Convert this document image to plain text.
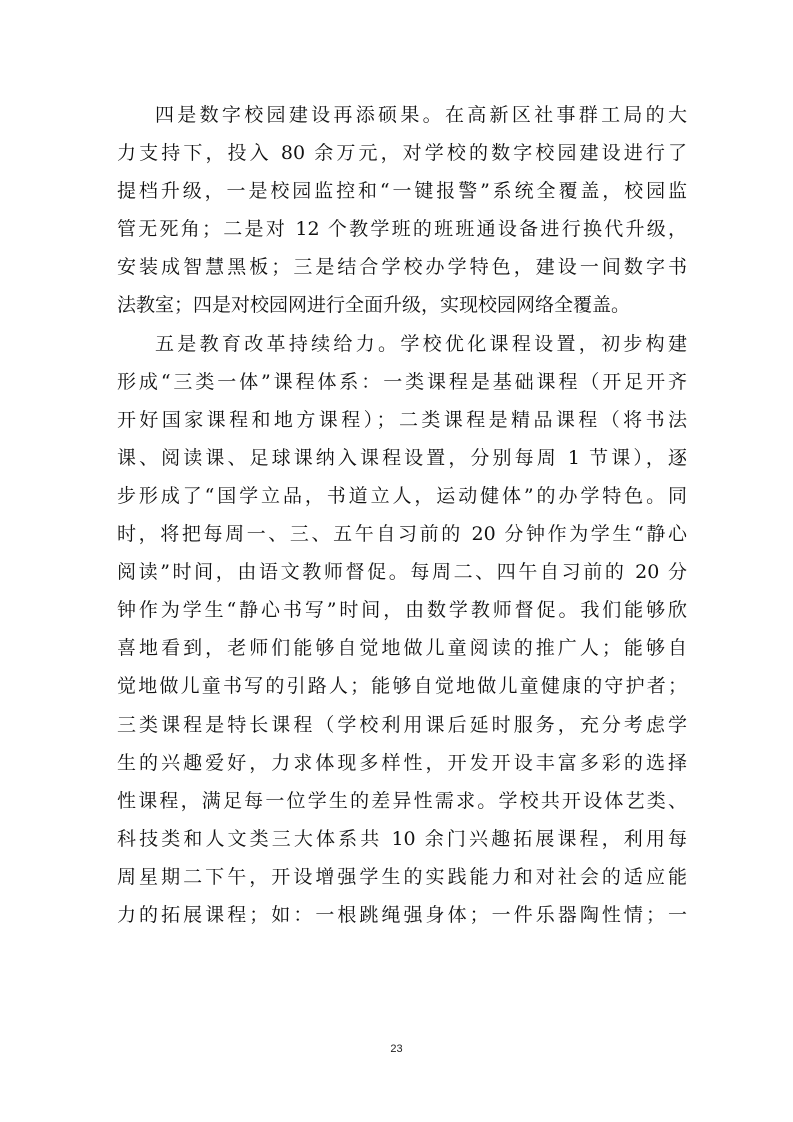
四是数字校园建设再添硕果。在高新区社事群工局的大
力支持下，投入 80 余万元，对学校的数字校园建设进行了
提档升级，一是校园监控和“一键报警”系统全覆盖，校园监
管无死角；二是对 12 个教学班的班班通设备进行换代升级，
安装成智慧黑板；三是结合学校办学特色，建设一间数字书
法教室；四是对校园网进行全面升级，实现校园网络全覆盖。
五是教育改革持续给力。学校优化课程设置，初步构建
形成“三类一体”课程体系：一类课程是基础课程（开足开齐
开好国家课程和地方课程）；二类课程是精品课程（将书法
课、阅读课、足球课纳入课程设置，分别每周 1 节课），逐
步形成了“国学立品，书道立人，运动健体”的办学特色。同
时，将把每周一、三、五午自习前的 20 分钟作为学生“静心
阅读”时间，由语文教师督促。每周二、四午自习前的 20 分
钟作为学生“静心书写”时间，由数学教师督促。我们能够欣
喜地看到，老师们能够自觉地做儿童阅读的推广人；能够自
觉地做儿童书写的引路人；能够自觉地做儿童健康的守护者；
三类课程是特长课程（学校利用课后延时服务，充分考虑学
生的兴趣爱好，力求体现多样性，开发开设丰富多彩的选择
性课程，满足每一位学生的差异性需求。学校共开设体艺类、
科技类和人文类三大体系共 10 余门兴趣拓展课程，利用每
周星期二下午，开设增强学生的实践能力和对社会的适应能
力的拓展课程；如：一根跳绳强身体；一件乐器陶性情；一
23
